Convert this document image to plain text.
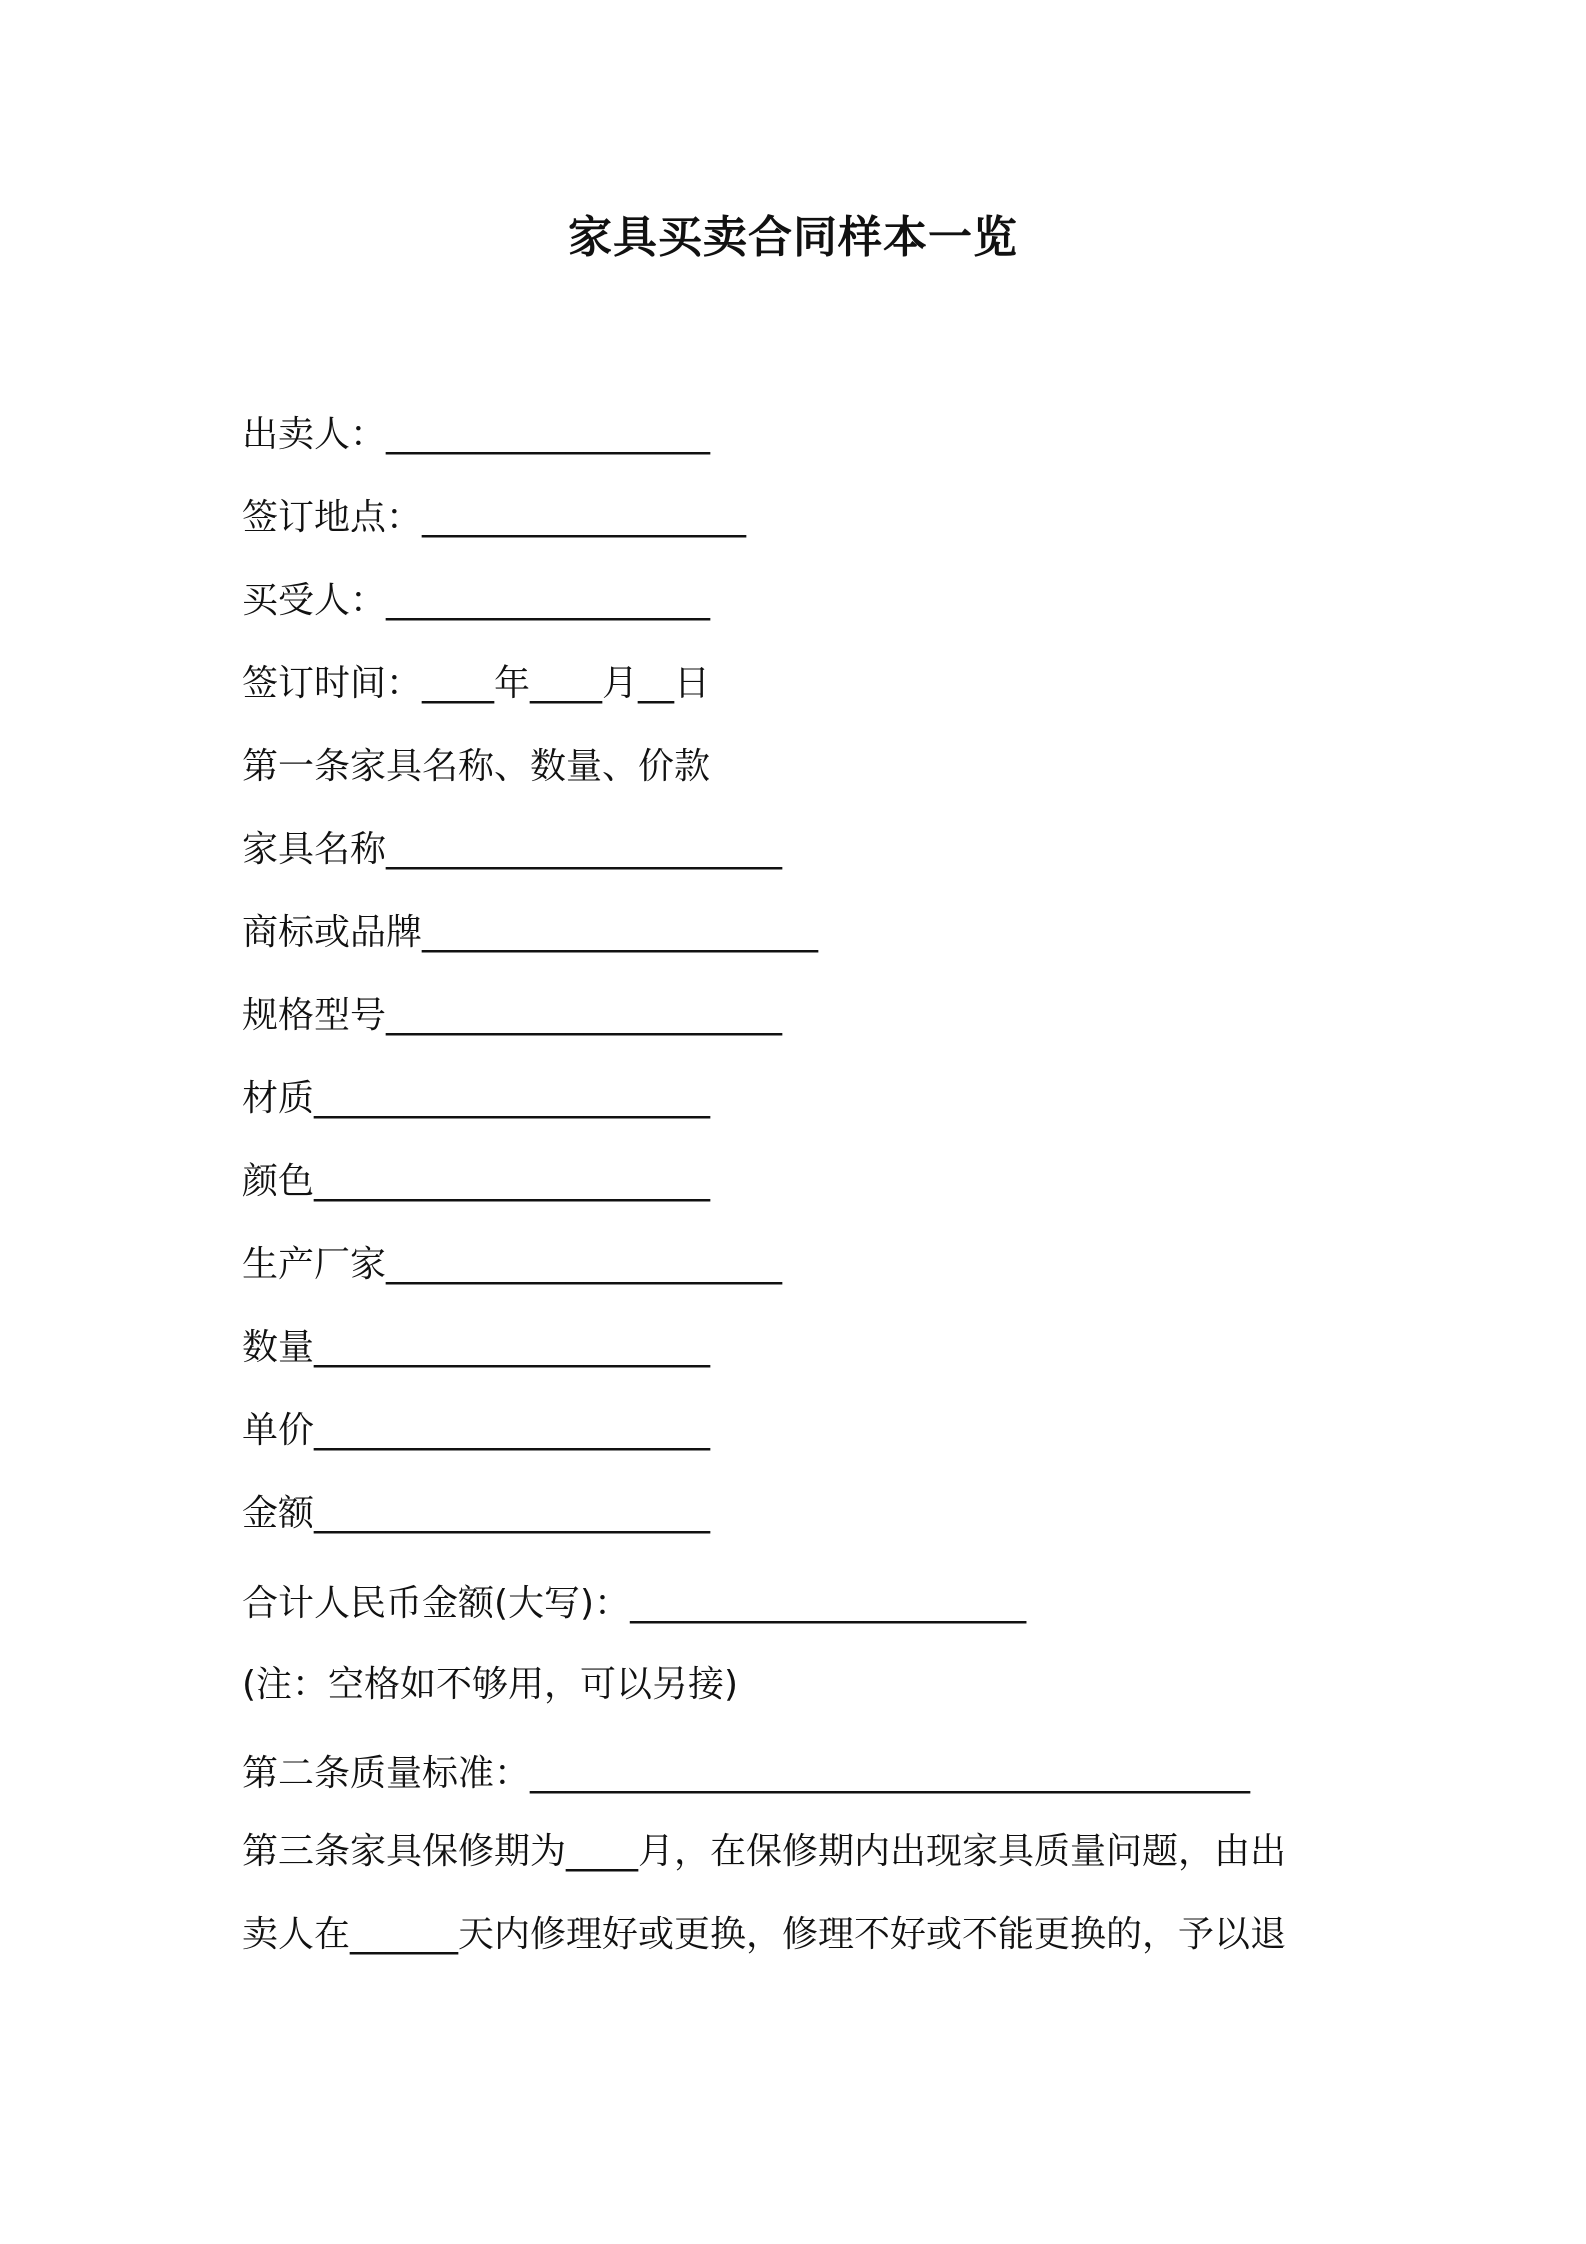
家具买卖合同样本一览
出卖人：__________________
签订地点：__________________
买受人：__________________
签订时间：____年____月__日
第一条家具名称、数量、价款
家具名称______________________
商标或品牌______________________
规格型号______________________
材质______________________
颜色______________________
生产厂家______________________
数量______________________
单价______________________
金额______________________
合计人民币金额(大写)：______________________
(注：空格如不够用，可以另接)
第二条质量标准：________________________________________
第三条家具保修期为____月，在保修期内出现家具质量问题，由出
卖人在______天内修理好或更换，修理不好或不能更换的，予以退
